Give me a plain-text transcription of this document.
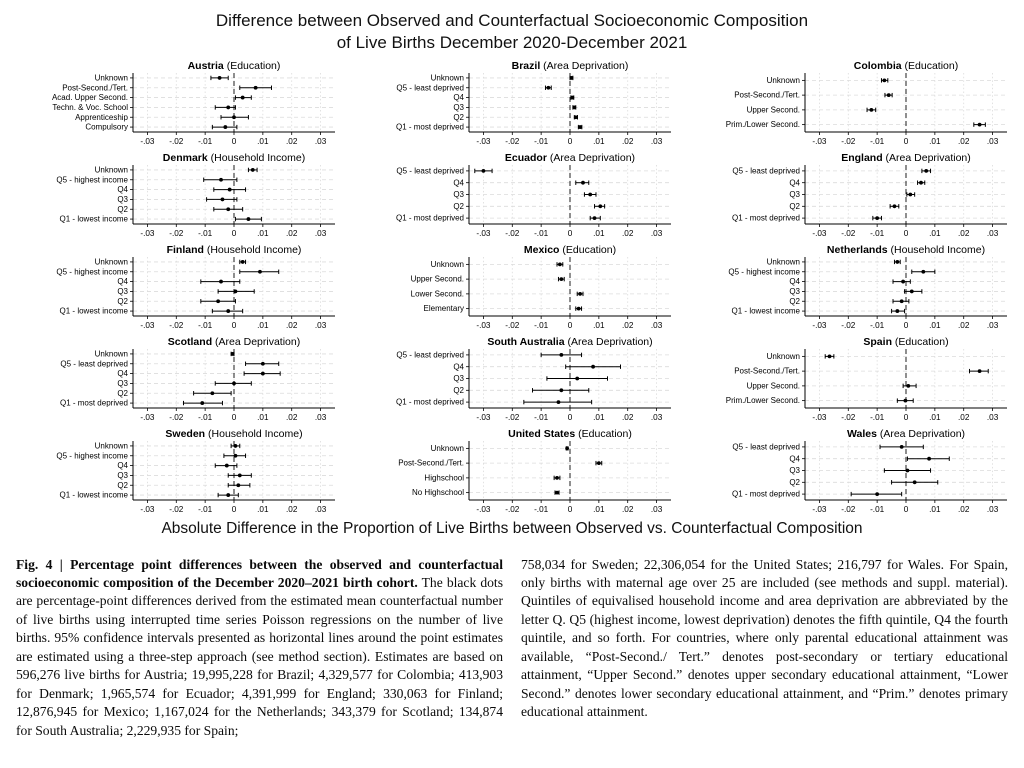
Difference between Observed and Counterfactual Socioeconomic Composition
of Live Births December 2020-December 2021
Austria (Education)
Unknown
Post-Second./Tert.
Acad. Upper Second.
Techn. & Voc. School
Apprenticeship
Compulsory
-.03 -.02 -.01 0	.01 .02 .03
Brazil (Area Deprivation)
Unknown
Q5 - least deprived
Q4
Q3
Q2
Q1 - most deprived
-.03 -.02 -.01 0	.01 .02 .03
Colombia (Education)
Unknown
Post-Second./Tert.
Upper Second.
Prim./Lower Second.
-.03 -.02 -.01 0	.01 .02 .03
Denmark (Household Income)
Unknown
Q5 - highest income
Q4
Q3
Q2
Q1 - lowest income
-.03 -.02 -.01 0	.01 .02 .03
Ecuador (Area Deprivation)
Q5 - least deprived
Q4
Q3
Q2
Q1 - most deprived
-.03 -.02 -.01 0	.01 .02 .03
England (Area Deprivation)
Q5 - least deprived
Q4
Q3
Q2
Q1 - most deprived
-.03 -.02 -.01 0	.01 .02 .03
Finland (Household Income)
Unknown
Q5 - highest income
Q4
Q3
Q2
Q1 - lowest income
-.03 -.02 -.01 0	.01 .02 .03
Mexico (Education)
Unknown
Upper Second.
Lower Second.
Elementary
-.03 -.02 -.01 0	.01 .02 .03
Netherlands (Household Income)
Unknown
Q5 - highest income
Q4
Q3
Q2
Q1 - lowest income
-.03 -.02 -.01 0	.01 .02 .03
Scotland (Area Deprivation)
Unknown
Q5 - least deprived
Q4
Q3
Q2
Q1 - most deprived
-.03 -.02 -.01 0	.01 .02 .03
South Australia (Area Deprivation)
Q5 - least deprived
Q4
Q3
Q2
Q1 - most deprived
-.03 -.02 -.01 0	.01 .02 .03
Spain (Education)
Unknown
Post-Second./Tert.
Upper Second.
Prim./Lower Second.
-.03 -.02 -.01 0	.01 .02 .03
Sweden (Household Income)
Unknown
Q5 - highest income
Q4
Q3
Q2
Q1 - lowest income
-.03 -.02 -.01 0	.01 .02 .03
United States (Education)
Unknown
Post-Second./Tert.
Highschool
No Highschool
-.03 -.02 -.01 0	.01 .02 .03
Wales (Area Deprivation)
Q5 - least deprived
Q4
Q3
Q2
Q1 - most deprived
-.03 -.02 -.01 0	.01 .02 .03
Absolute Difference in the Proportion of Live Births between Observed vs. Counterfactual Composition
Fig. 4 | Percentage point differences between the observed and counterfactual socioeconomic composition of the December 2020–2021 birth cohort. The black dots are percentage-point differences derived from the estimated mean counterfactual number of live births using interrupted time series Poisson regressions on the number of live births. 95% confidence intervals presented as horizontal lines around the point estimates are estimated using a three-step approach (see method section). Estimates are based on 596,276 live births for Austria; 19,995,228 for Brazil; 4,329,577 for Colombia; 413,903 for Denmark; 1,965,574 for Ecuador; 4,391,999 for England; 330,063 for Finland; 12,876,945 for Mexico; 1,167,024 for the Netherlands; 343,379 for Scotland; 134,874 for South Australia; 2,229,935 for Spain;
758,034 for Sweden; 22,306,054 for the United States; 216,797 for Wales. For Spain, only births with maternal age over 25 are included (see methods and suppl. material). Quintiles of equivalised household income and area deprivation are abbreviated by the letter Q. Q5 (highest income, lowest deprivation) denotes the fifth quintile, Q4 the fourth quintile, and so forth. For countries, where only parental educational attainment was available, “Post-Second./ Tert.” denotes post-secondary or tertiary educational attainment, “Upper Second.” denotes upper secondary educational attainment, “Lower Second.” denotes lower secondary educational attainment, and “Prim.” denotes primary educational attainment.
